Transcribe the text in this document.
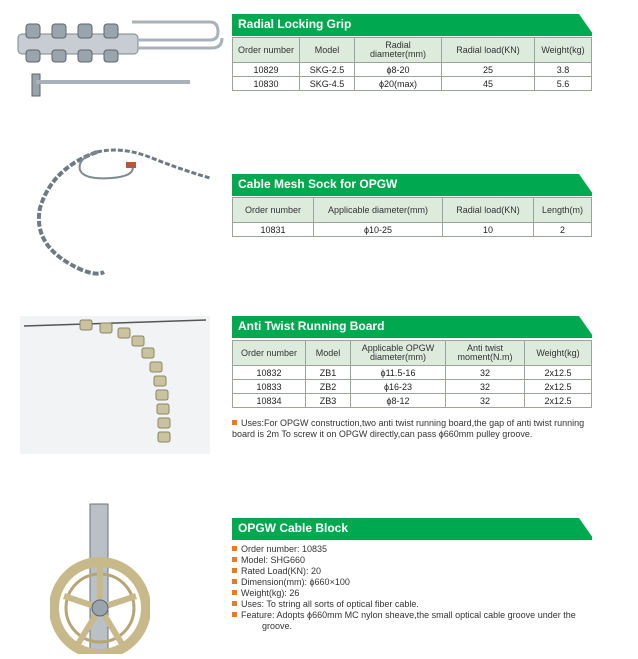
Radial Locking Grip
Order number	Model	Radial diameter(mm)	Radial load(KN)	Weight(kg)
10829	SKG-2.5	ϕ8-20	25	3.8
10830	SKG-4.5	ϕ20(max)	45	5.6
Cable Mesh Sock for OPGW
Order number	Applicable diameter(mm)	Radial load(KN)	Length(m)
10831	ϕ10-25	10	2
Anti Twist Running Board
Order number	Model	Applicable OPGW diameter(mm)	Anti twist moment(N.m)	Weight(kg)
10832	ZB1	ϕ11.5-16	32	2x12.5
10833	ZB2	ϕ16-23	32	2x12.5
10834	ZB3	ϕ8-12	32	2x12.5
Uses:For OPGW construction,two anti twist running board,the gap of anti twist running board is 2m To screw it on OPGW directly,can pass ϕ660mm pulley groove.
OPGW Cable Block
Order number: 10835
Model: SHG660
Rated Load(KN): 20
Dimension(mm): ϕ660×100
Weight(kg): 26
Uses: To string all sorts of optical fiber cable.
Feature: Adopts ϕ660mm MC nylon sheave,the small optical cable groove under the
groove.
